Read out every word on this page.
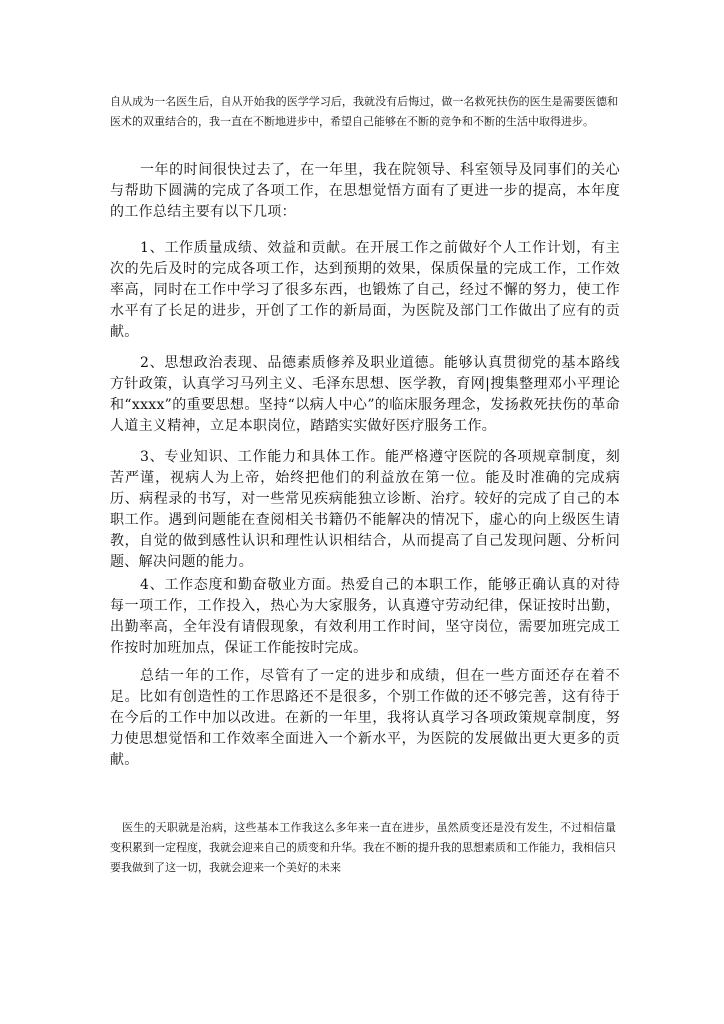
自从成为一名医生后，自从开始我的医学学习后，我就没有后悔过，做一名救死扶伤的医生是需要医德和医术的双重结合的，我一直在不断地进步中，希望自己能够在不断的竞争和不断的生活中取得进步。

一年的时间很快过去了，在一年里，我在院领导、科室领导及同事们的关心与帮助下圆满的完成了各项工作，在思想觉悟方面有了更进一步的提高，本年度的工作总结主要有以下几项：

1、工作质量成绩、效益和贡献。在开展工作之前做好个人工作计划，有主次的先后及时的完成各项工作，达到预期的效果，保质保量的完成工作，工作效率高，同时在工作中学习了很多东西，也锻炼了自己，经过不懈的努力，使工作水平有了长足的进步，开创了工作的新局面，为医院及部门工作做出了应有的贡献。

2、思想政治表现、品德素质修养及职业道德。能够认真贯彻党的基本路线方针政策，认真学习马列主义、毛泽东思想、医学教，育网|搜集整理邓小平理论和“xxxx”的重要思想。坚持“以病人中心”的临床服务理念，发扬救死扶伤的革命人道主义精神，立足本职岗位，踏踏实实做好医疗服务工作。

3、专业知识、工作能力和具体工作。能严格遵守医院的各项规章制度，刻苦严谨，视病人为上帝，始终把他们的利益放在第一位。能及时准确的完成病历、病程录的书写，对一些常见疾病能独立诊断、治疗。较好的完成了自己的本职工作。遇到问题能在查阅相关书籍仍不能解决的情况下，虚心的向上级医生请教，自觉的做到感性认识和理性认识相结合，从而提高了自己发现问题、分析问题、解决问题的能力。

4、工作态度和勤奋敬业方面。热爱自己的本职工作，能够正确认真的对待每一项工作，工作投入，热心为大家服务，认真遵守劳动纪律，保证按时出勤，出勤率高，全年没有请假现象，有效利用工作时间，坚守岗位，需要加班完成工作按时加班加点，保证工作能按时完成。

总结一年的工作，尽管有了一定的进步和成绩，但在一些方面还存在着不足。比如有创造性的工作思路还不是很多，个别工作做的还不够完善，这有待于在今后的工作中加以改进。在新的一年里，我将认真学习各项政策规章制度，努力使思想觉悟和工作效率全面进入一个新水平，为医院的发展做出更大更多的贡献。

医生的天职就是治病，这些基本工作我这么多年来一直在进步，虽然质变还是没有发生，不过相信量变积累到一定程度，我就会迎来自己的质变和升华。我在不断的提升我的思想素质和工作能力，我相信只要我做到了这一切，我就会迎来一个美好的未来
